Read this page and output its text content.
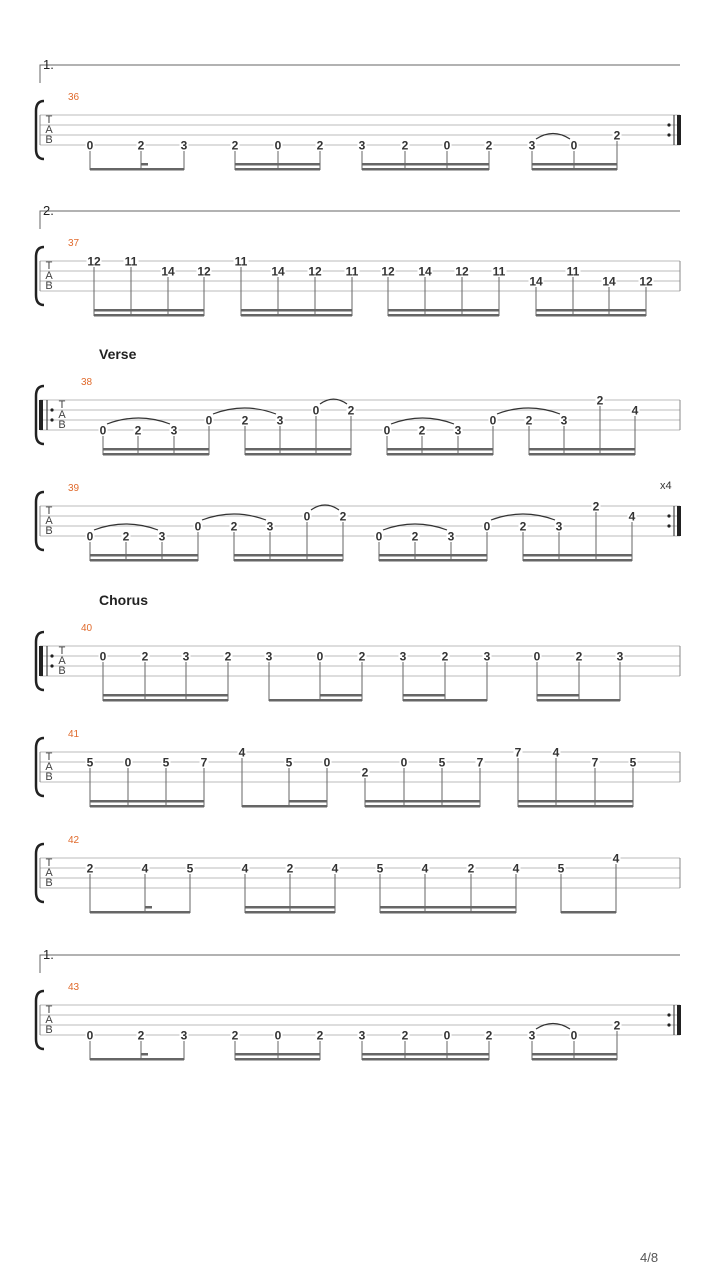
T
A
B	0	2	3	2	0	2	3	2	0	2	3	0
2
T
A
B
12 11
14 12
11
14 12 11 12 14 12 11
14
11
14 12
T
A
B	0 2 3
0 2 3
0 2
0 2 3
0 2 3
2
4
T
A
B	0 2 3
0 2 3
0 2
0 2 3
0 2 3
2
4
T
A
B
0	2	3	2	3	0	2	3	2	3	0	2	3
T
A
B
5	0	5	7
4
5	0
2
0	5	7
7	4
7	5
T
A
B
2	4	5	4	2	4	5	4	2	4	5
4
T
A
B	0	2	3	2	0	2	3	2	0	2	3	0
2
1.
36
2.
37
Verse
38
39	x4
Chorus
40
41
42
1.
43
4/8
